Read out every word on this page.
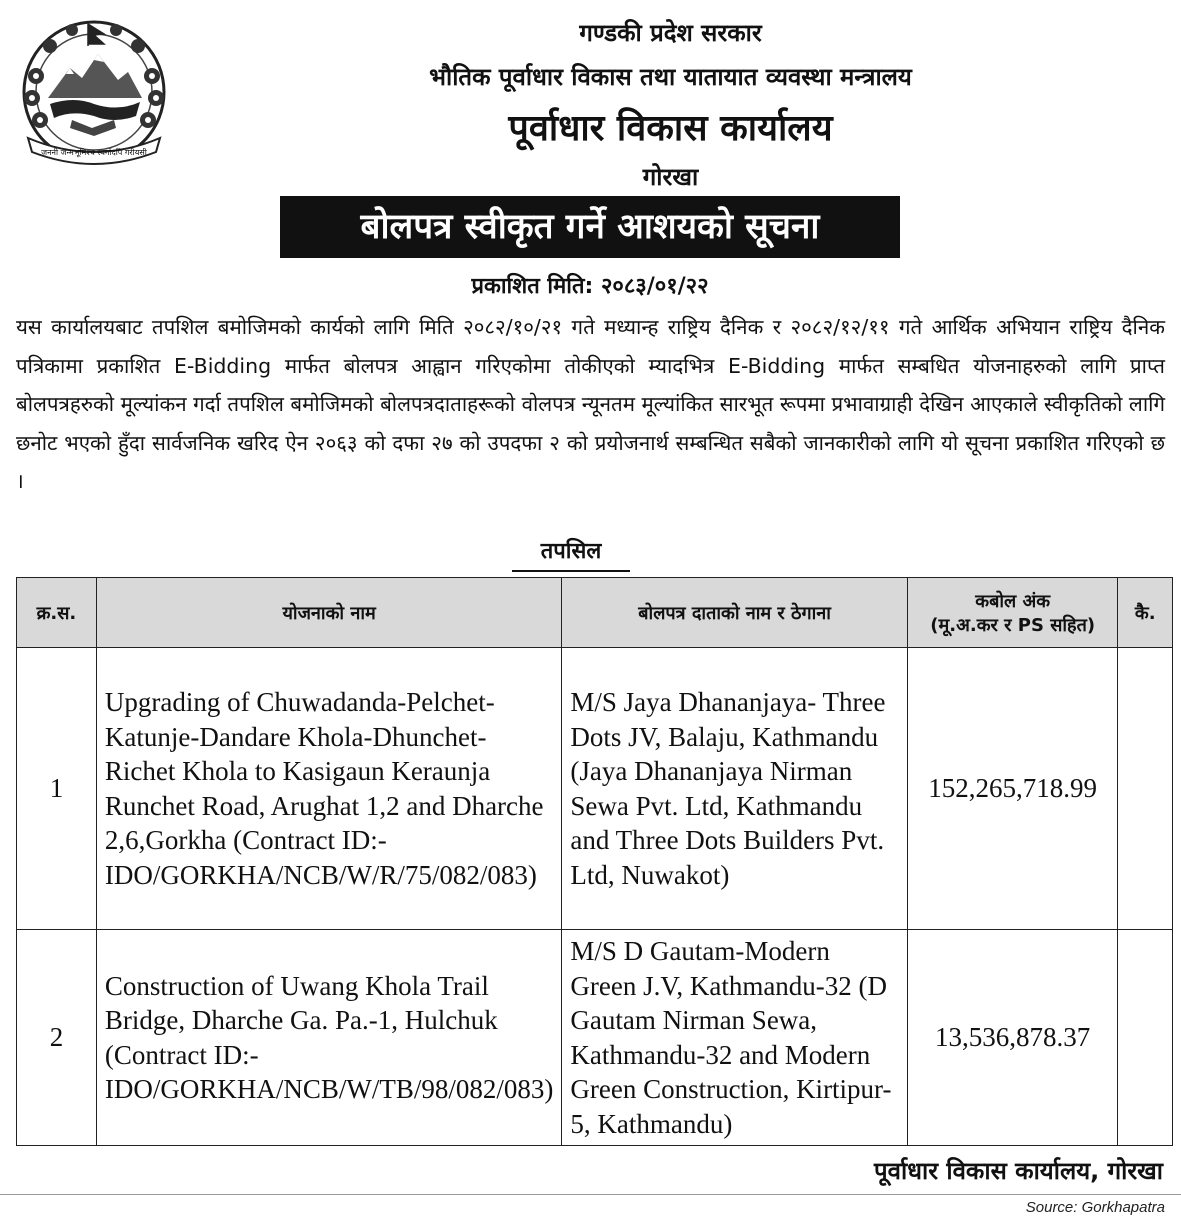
जननी जन्मभूमिश्च स्वर्गादपि गरीयसी
गण्डकी प्रदेश सरकार
भौतिक पूर्वाधार विकास तथा यातायात व्यवस्था मन्त्रालय
पूर्वाधार विकास कार्यालय
गोरखा
बोलपत्र स्वीकृत गर्ने आशयको सूचना
प्रकाशित मिति: २०८३/०१/२२
यस कार्यालयबाट तपशिल बमोजिमको कार्यको लागि मिति २०८२/१०/२१ गते मध्यान्ह राष्ट्रिय दैनिक र २०८२/१२/११ गते आर्थिक अभियान राष्ट्रिय दैनिक पत्रिकामा प्रकाशित E-Bidding मार्फत बोलपत्र आह्वान गरिएकोमा तोकीएको म्यादभित्र E-Bidding मार्फत सम्बधित योजनाहरुको लागि प्राप्त बोलपत्रहरुको मूल्यांकन गर्दा तपशिल बमोजिमको बोलपत्रदाताहरूको वोलपत्र न्यूनतम मूल्यांकित सारभूत रूपमा प्रभावाग्राही देखिन आएकाले स्वीकृतिको लागि छनोट भएको हुँदा सार्वजनिक खरिद ऐन २०६३ को दफा २७ को उपदफा २ को प्रयोजनार्थ सम्बन्धित सबैको जानकारीको लागि यो सूचना प्रकाशित गरिएको छ ।
तपसिल
क्र.स.	योजनाको नाम	बोलपत्र दाताको नाम र ठेगाना	कबोल अंक
(मू.अ.कर र PS सहित)	कै.
1	Upgrading of Chuwadanda-Pelchet-Katunje-Dandare Khola-Dhunchet-Richet Khola to Kasigaun Keraunja Runchet Road, Arughat 1,2 and Dharche 2,6,Gorkha (Contract ID:- IDO/GORKHA/NCB/W/R/75/082/083)	M/S Jaya Dhananjaya- Three Dots JV, Balaju, Kathmandu (Jaya Dhananjaya Nirman Sewa Pvt. Ltd, Kathmandu and Three Dots Builders Pvt. Ltd, Nuwakot)	152,265,718.99	
2	Construction of Uwang Khola Trail Bridge, Dharche Ga. Pa.-1, Hulchuk (Contract ID:- IDO/GORKHA/NCB/W/TB/98/082/083)	M/S D Gautam-Modern Green J.V, Kathmandu-32 (D Gautam Nirman Sewa, Kathmandu-32 and Modern Green Construction, Kirtipur-5, Kathmandu)	13,536,878.37	
पूर्वाधार विकास कार्यालय, गोरखा
Source: Gorkhapatra
